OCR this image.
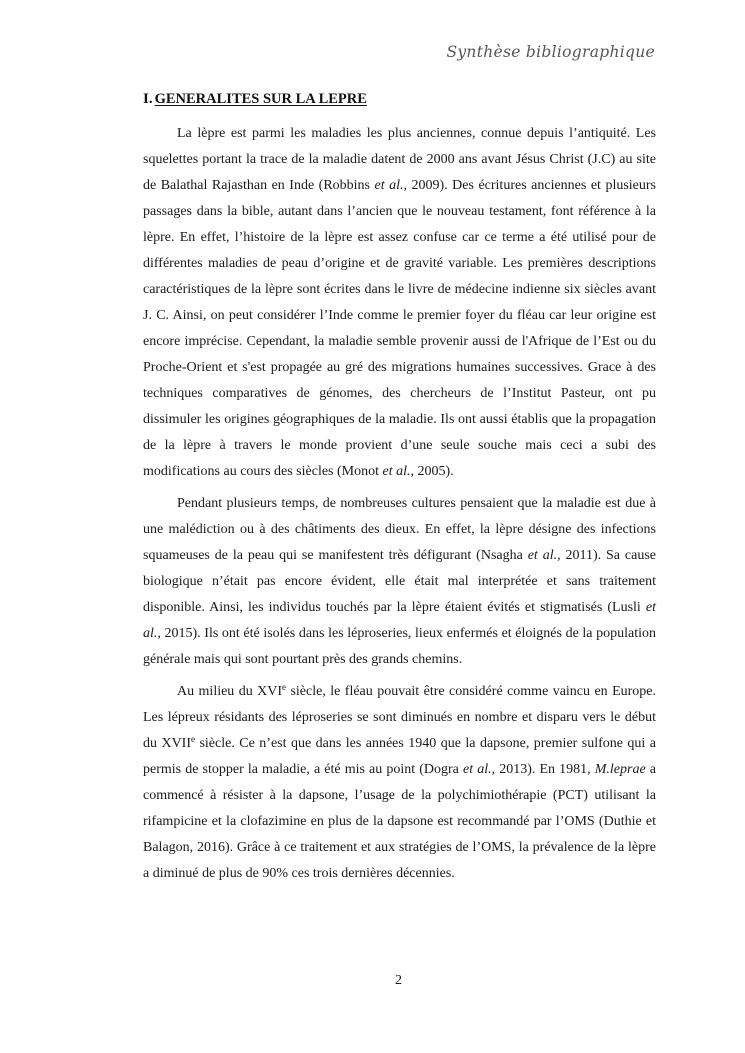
Synthèse bibliographique
I. GENERALITES SUR LA LEPRE

La lèpre est parmi les maladies les plus anciennes, connue depuis l’antiquité. Les squelettes portant la trace de la maladie datent de 2000 ans avant Jésus Christ (J.C) au site de Balathal Rajasthan en Inde (Robbins et al., 2009). Des écritures anciennes et plusieurs passages dans la bible, autant dans l’ancien que le nouveau testament, font référence à la lèpre. En effet, l’histoire de la lèpre est assez confuse car ce terme a été utilisé pour de différentes maladies de peau d’origine et de gravité variable. Les premières descriptions caractéristiques de la lèpre sont écrites dans le livre de médecine indienne six siècles avant J. C. Ainsi, on peut considérer l’Inde comme le premier foyer du fléau car leur origine est encore imprécise. Cependant, la maladie semble provenir aussi de l'Afrique de l’Est ou du Proche-Orient et s'est propagée au gré des migrations humaines successives. Grace à des techniques comparatives de génomes, des chercheurs de l’Institut Pasteur, ont pu dissimuler les origines géographiques de la maladie. Ils ont aussi établis que la propagation de la lèpre à travers le monde provient d’une seule souche mais ceci a subi des modifications au cours des siècles (Monot et al., 2005).

Pendant plusieurs temps, de nombreuses cultures pensaient que la maladie est due à une malédiction ou à des châtiments des dieux. En effet, la lèpre désigne des infections squameuses de la peau qui se manifestent très défigurant (Nsagha et al., 2011). Sa cause biologique n’était pas encore évident, elle était mal interprétée et sans traitement disponible. Ainsi, les individus touchés par la lèpre étaient évités et stigmatisés (Lusli et al., 2015). Ils ont été isolés dans les léproseries, lieux enfermés et éloignés de la population générale mais qui sont pourtant près des grands chemins.

Au milieu du XVIe siècle, le fléau pouvait être considéré comme vaincu en Europe. Les lépreux résidants des léproseries se sont diminués en nombre et disparu vers le début du XVIIe siècle. Ce n’est que dans les années 1940 que la dapsone, premier sulfone qui a permis de stopper la maladie, a été mis au point (Dogra et al., 2013). En 1981, M.leprae a commencé à résister à la dapsone, l’usage de la polychimiothérapie (PCT) utilisant la rifampicine et la clofazimine en plus de la dapsone est recommandé par l’OMS (Duthie et Balagon, 2016). Grâce à ce traitement et aux stratégies de l’OMS, la prévalence de la lèpre a diminué de plus de 90% ces trois dernières décennies.

2
